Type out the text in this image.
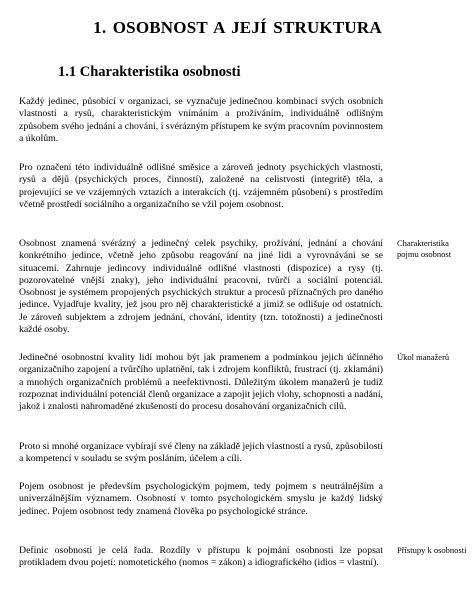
1. OSOBNOST A JEJÍ STRUKTURA
1.1 Charakteristika osobnosti

Každý jedinec, působící v organizaci, se vyznačuje jedinečnou kombinací svých osobních vlastností a rysů, charakteristickým vnímáním a prožíváním, individuálně odlišným způsobem svého jednání a chování, i svérázným přístupem ke svým pracovním povinnostem a úkolům.

Pro označení této individuálně odlišné směsice a zároveň jednoty psychických vlastností, rysů a dějů (psychických proces, činností), založené na celistvosti (integritě) těla, a projevující se ve vzájemných vztazích a interakcích (tj. vzájemném působení) s prostředím včetně prostředí sociálního a organizačního se vžil pojem osobnost.

Osobnost znamená svérázný a jedinečný celek psychiky, prožívání, jednání a chování konkrétního jedince, včetně jeho způsobu reagování na jiné lidi a vyrovnávání se se situacemi. Zahrnuje jedincovy individuálně odlišné vlastnosti (dispozice) a rysy (tj. pozorovatelné vnější znaky), jeho individuální pracovní, tvůrčí a sociální potenciál. Osobnost je systémem propojených psychických struktur a procesů příznačných pro daného jedince. Vyjadřuje kvality, jež jsou pro něj charakteristické a jimiž se odlišuje od ostatních. Je zároveň subjektem a zdrojem jednání, chování, identity (tzn. totožnosti) a jedinečnosti každé osoby.

Jedinečné osobnostní kvality lidí mohou být jak pramenem a podmínkou jejich účinného organizačního zapojení a tvůrčího uplatnění, tak i zdrojem konfliktů, frustrací (tj. zklamání) a mnohých organizačních problémů a neefektivnosti. Důležitým úkolem manažerů je tudíž rozpoznat individuální potenciál členů organizace a zapojit jejich vlohy, schopnosti a nadání, jakož i znalosti nahromaděné zkušeností do procesu dosahování organizačních cílů.

Proto si mnohé organizace vybírají své členy na základě jejich vlastností a rysů, způsobilostí a kompetencí v souladu se svým posláním, účelem a cíli.

Pojem osobnost je především psychologickým pojmem, tedy pojmem s neutrálnějším a univerzálnějším významem. Osobností v tomto psychologickém smyslu je každý lidský jedinec. Pojem osobnost tedy znamená člověka po psychologické stránce.

Definic osobnosti je celá řada. Rozdíly v přístupu k pojmání osobnosti lze popsat protikladem dvou pojetí: nomotetického (nomos = zákon) a idiografického (idios = vlastní).

Charakteristika pojmu osobnost
Úkol manažerů
Přístupy k osobnosti
